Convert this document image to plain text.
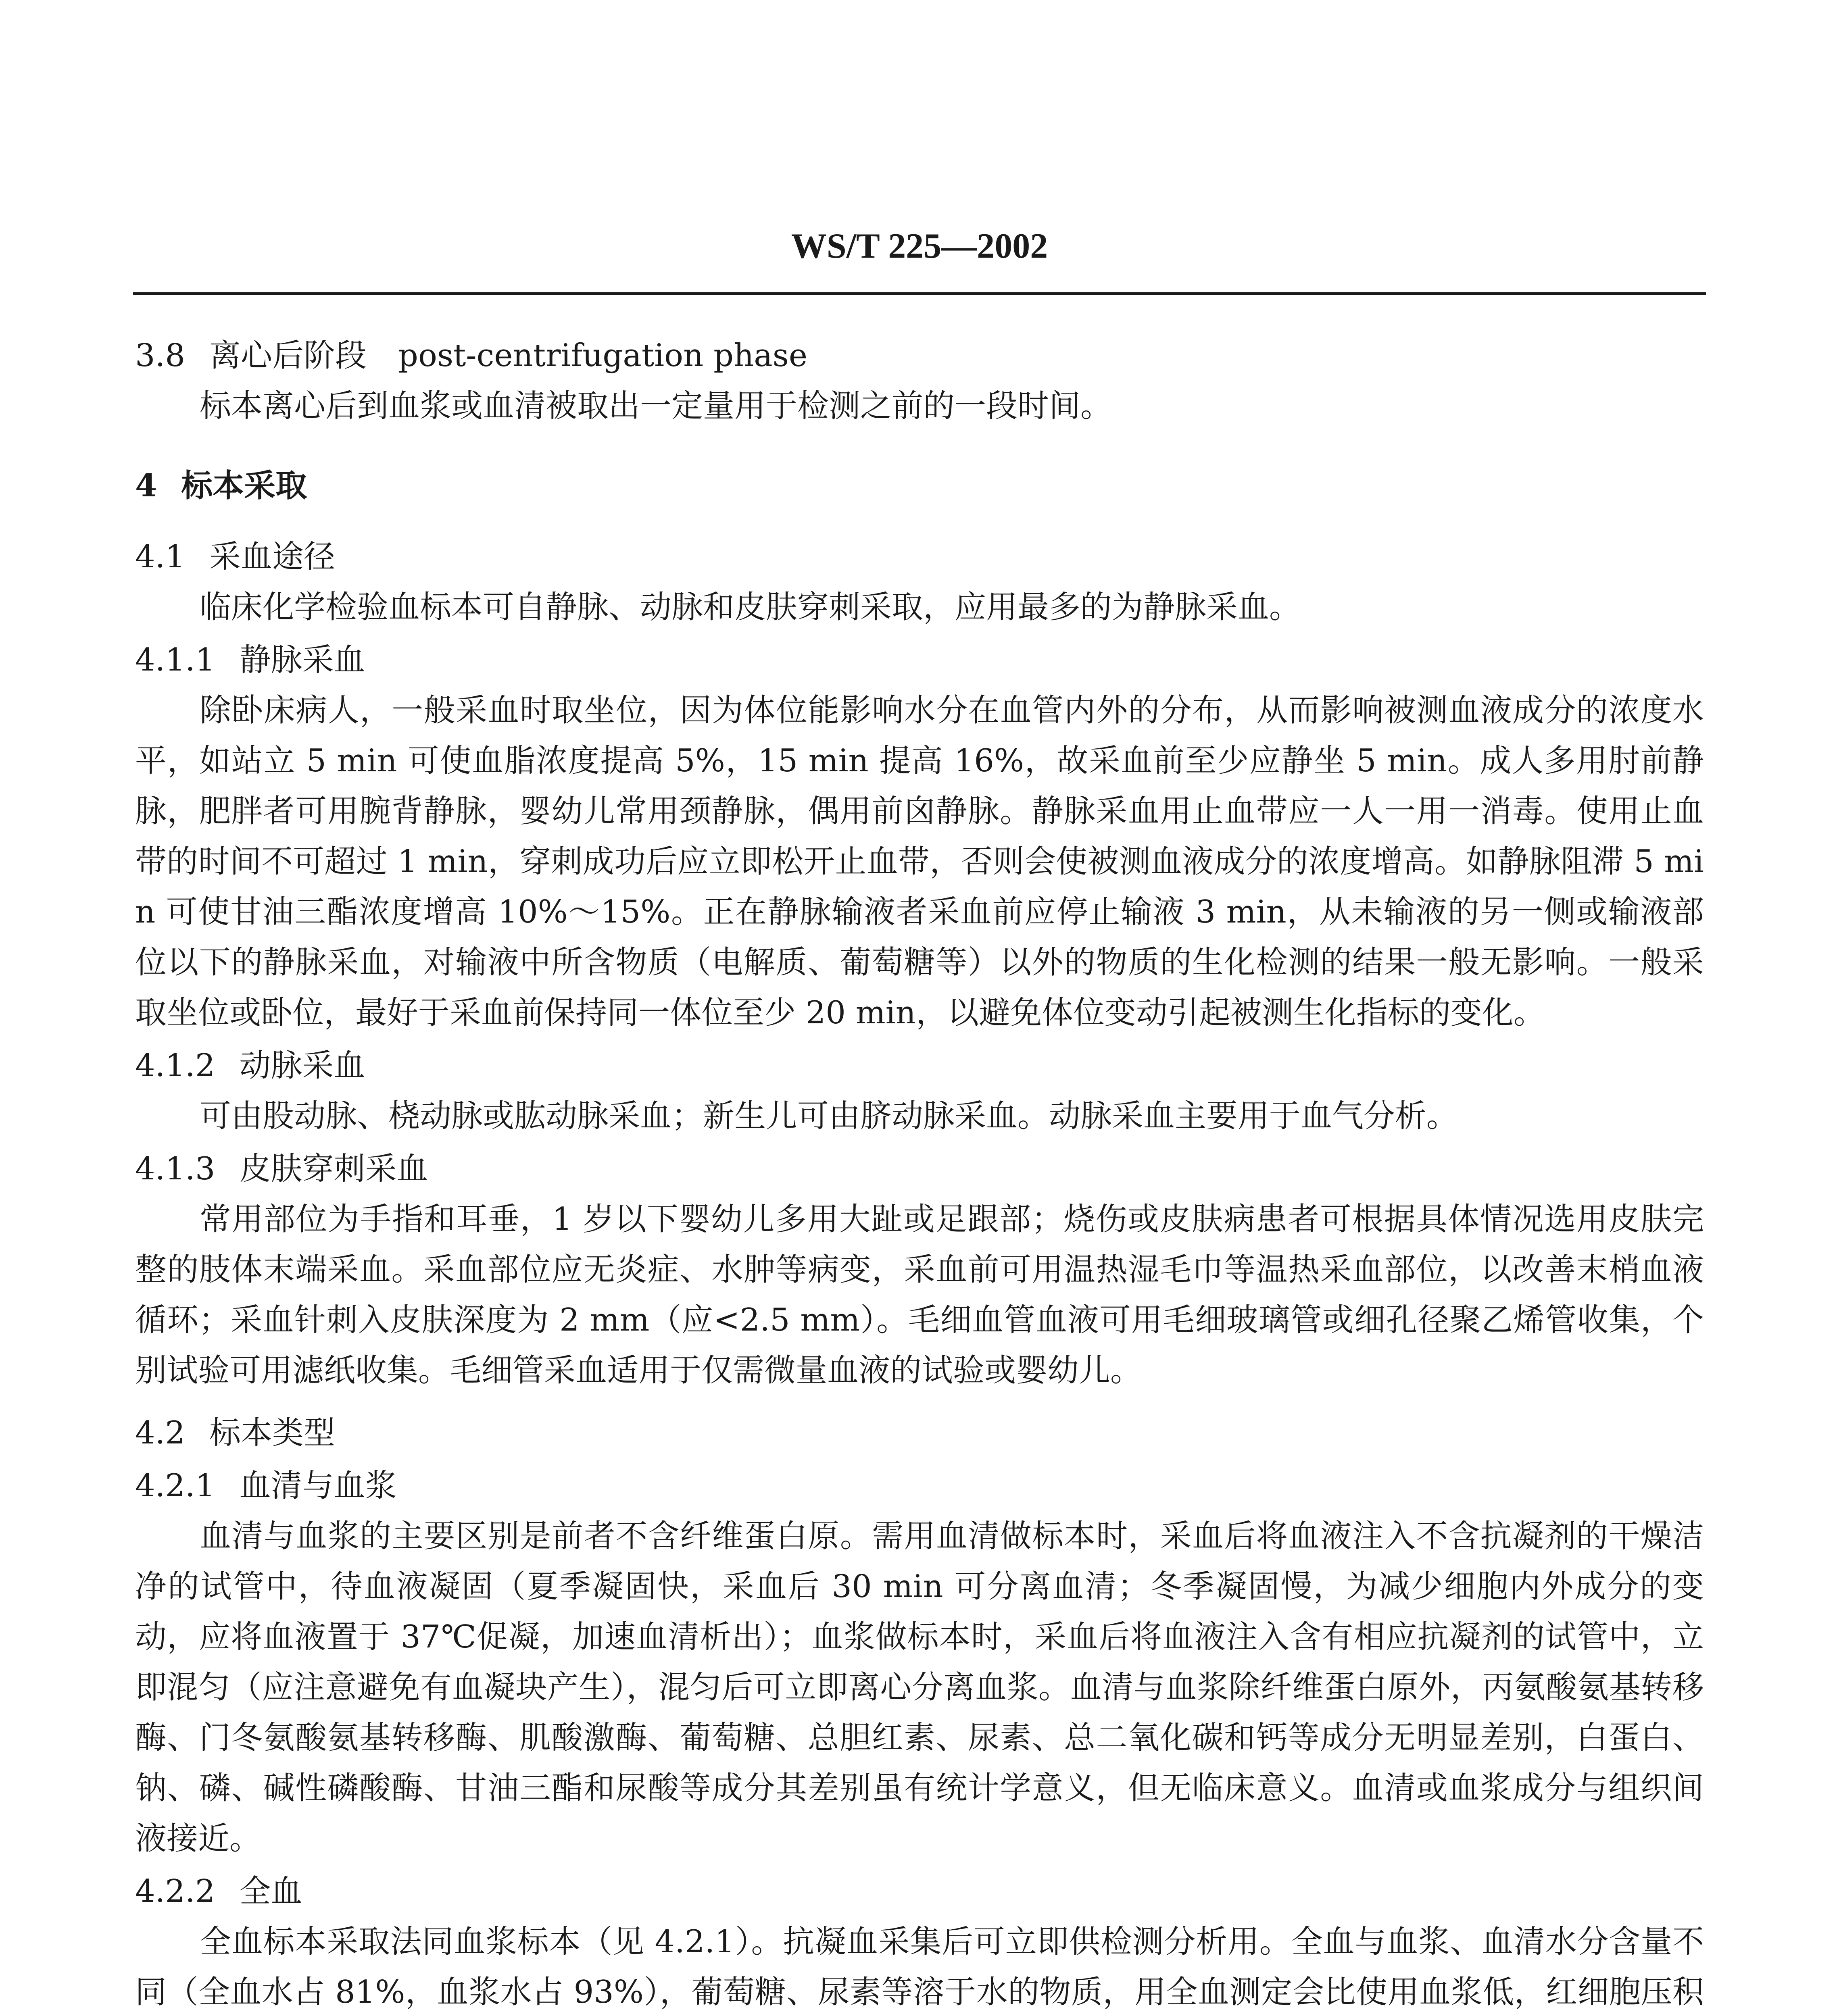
WS/T 225—2002
3.8 离心后阶段　post-centrifugation phase

标本离心后到血浆或血清被取出一定量用于检测之前的一段时间。

4 标本采取
4.1 采血途径

临床化学检验血标本可自静脉、动脉和皮肤穿刺采取，应用最多的为静脉采血。

4.1.1 静脉采血

除卧床病人，一般采血时取坐位，因为体位能影响水分在血管内外的分布，从而影响被测血液成分的浓度水平，如站立 5 min 可使血脂浓度提高 5%，15 min 提高 16%，故采血前至少应静坐 5 min。成人多用肘前静脉，肥胖者可用腕背静脉，婴幼儿常用颈静脉，偶用前囟静脉。静脉采血用止血带应一人一用一消毒。使用止血带的时间不可超过 1 min，穿刺成功后应立即松开止血带，否则会使被测血液成分的浓度增高。如静脉阻滞 5 min 可使甘油三酯浓度增高 10%～15%。正在静脉输液者采血前应停止输液 3 min，从未输液的另一侧或输液部位以下的静脉采血，对输液中所含物质（电解质、葡萄糖等）以外的物质的生化检测的结果一般无影响。一般采取坐位或卧位，最好于采血前保持同一体位至少 20 min，以避免体位变动引起被测生化指标的变化。

4.1.2 动脉采血

可由股动脉、桡动脉或肱动脉采血；新生儿可由脐动脉采血。动脉采血主要用于血气分析。

4.1.3 皮肤穿刺采血

常用部位为手指和耳垂，1 岁以下婴幼儿多用大趾或足跟部；烧伤或皮肤病患者可根据具体情况选用皮肤完整的肢体末端采血。采血部位应无炎症、水肿等病变，采血前可用温热湿毛巾等温热采血部位，以改善末梢血液循环；采血针刺入皮肤深度为 2 mm（应<2.5 mm）。毛细血管血液可用毛细玻璃管或细孔径聚乙烯管收集，个别试验可用滤纸收集。毛细管采血适用于仅需微量血液的试验或婴幼儿。

4.2 标本类型
4.2.1 血清与血浆

血清与血浆的主要区别是前者不含纤维蛋白原。需用血清做标本时，采血后将血液注入不含抗凝剂的干燥洁净的试管中，待血液凝固（夏季凝固快，采血后 30 min 可分离血清；冬季凝固慢，为减少细胞内外成分的变动，应将血液置于 37℃促凝，加速血清析出）；血浆做标本时，采血后将血液注入含有相应抗凝剂的试管中，立即混匀（应注意避免有血凝块产生），混匀后可立即离心分离血浆。血清与血浆除纤维蛋白原外，丙氨酸氨基转移酶、门冬氨酸氨基转移酶、肌酸激酶、葡萄糖、总胆红素、尿素、总二氧化碳和钙等成分无明显差别，白蛋白、钠、磷、碱性磷酸酶、甘油三酯和尿酸等成分其差别虽有统计学意义，但无临床意义。血清或血浆成分与组织间液接近。

4.2.2 全血

全血标本采取法同血浆标本（见 4.2.1）。抗凝血采集后可立即供检测分析用。全血与血浆、血清水分含量不同（全血水占 81%，血浆水占 93%），葡萄糖、尿素等溶于水的物质，用全血测定会比使用血浆低，红细胞压积
